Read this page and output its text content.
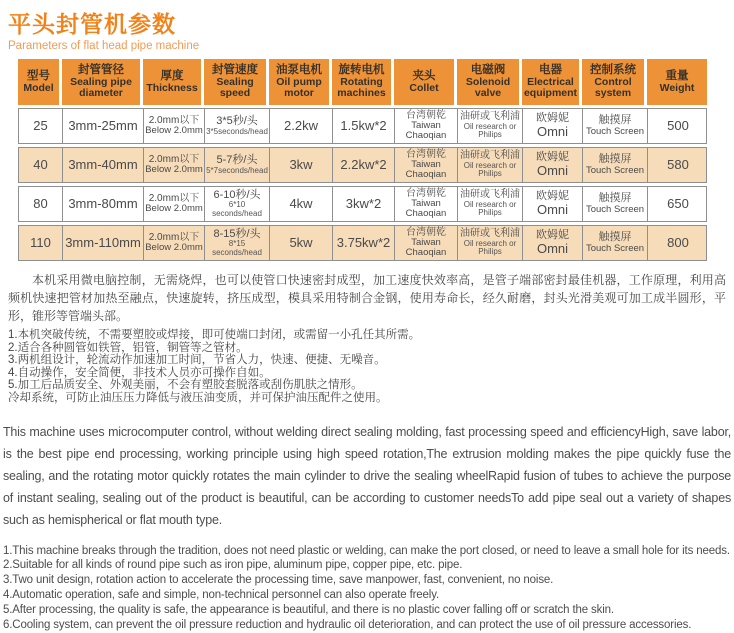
平头封管机参数
Parameters of flat head pipe machine
型号
Model
封管管径
Sealing pipe diameter
厚度
Thickness
封管速度
Sealing speed
油泵电机
Oil pump motor
旋转电机
Rotating machines
夹头
Collet
电磁阀
Solenoid valve
电器
Electrical equipment
控制系统
Control system
重量
Weight
25 3mm-25mm 2.0mm以下
Below 2.0mm
3*5秒/头
3*5seconds/head 2.2kw 1.5kw*2
台湾朝乾
Taiwan
Chaoqian
油研或飞利浦
Oil research or
Philips
欧姆妮
Omni
触摸屏
Touch Screen 500
40 3mm-40mm 2.0mm以下
Below 2.0mm
5-7秒/头
5*7seconds/head 3kw 2.2kw*2
台湾朝乾
Taiwan
Chaoqian
油研或飞利浦
Oil research or
Philips
欧姆妮
Omni
触摸屏
Touch Screen 580
80 3mm-80mm 2.0mm以下
Below 2.0mm
6-10秒/头
6*10 seconds/head
4kw	3kw*2
台湾朝乾
Taiwan
Chaoqian
油研或飞利浦
Oil research or
Philips
欧姆妮
Omni
触摸屏
Touch Screen 650
110 3mm-110mm 2.0mm以下
Below 2.0mm
8-15秒/头
8*15 seconds/head
5kw 3.75kw*2
台湾朝乾
Taiwan
Chaoqian
油研或飞利浦
Oil research or
Philips
欧姆妮
Omni
触摸屏
Touch Screen 800

本机采用微电脑控制，无需烧焊，也可以使管口快速密封成型，加工速度快效率高，是管子端部密封最佳机器，工作原理，利用高频机快速把管材加热至融点，快速旋转，挤压成型，模具采用特制合金钢，使用寿命长，经久耐磨，封头光滑美观可加工成半圆形，平形，锥形等管端头部。

1.本机突破传统，不需要塑胶或焊接，即可使端口封闭，或需留一小孔任其所需。
2.适合各种圆管如铁管，铝管，铜管等之管材。
3.两机组设计，轮流动作加速加工时间，节省人力，快速、便捷、无噪音。
4.自动操作，安全简便，非技术人员亦可操作自如。
5.加工后品质安全、外观美丽，不会有塑胶套脱落或刮伤肌肤之情形。
冷却系统，可防止油压压力降低与液压油变质，并可保护油压配件之使用。

This machine uses microcomputer control, without welding direct sealing molding, fast processing speed and efficiencyHigh, save labor, is the best pipe end processing, working principle using high speed rotation,The extrusion molding makes the pipe quickly fuse the sealing, and the rotating motor quickly rotates the main cylinder to drive the sealing wheelRapid fusion of tubes to achieve the purpose of instant sealing, sealing out of the product is beautiful, can be according to customer needsTo add pipe seal out a variety of shapes such as hemispherical or flat mouth type.

1.This machine breaks through the tradition, does not need plastic or welding, can make the port closed, or need to leave a small hole for its needs.
2.Suitable for all kinds of round pipe such as iron pipe, aluminum pipe, copper pipe, etc. pipe.
3.Two unit design, rotation action to accelerate the processing time, save manpower, fast, convenient, no noise.
4.Automatic operation, safe and simple, non-technical personnel can also operate freely.
5.After processing, the quality is safe, the appearance is beautiful, and there is no plastic cover falling off or scratch the skin.
6.Cooling system, can prevent the oil pressure reduction and hydraulic oil deterioration, and can protect the use of oil pressure accessories.
